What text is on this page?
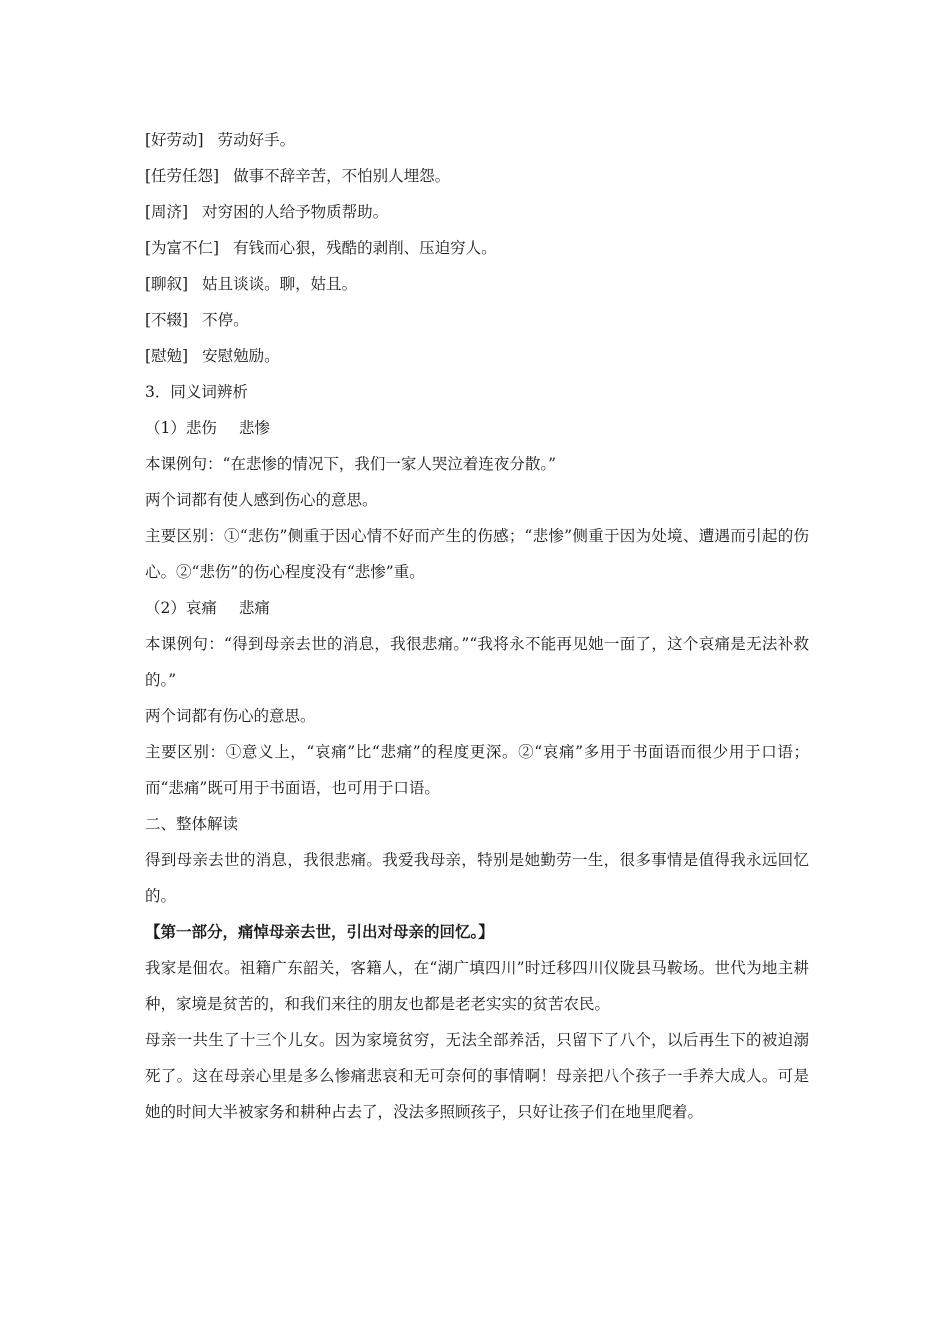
[好劳动] 劳动好手。
[任劳任怨] 做事不辞辛苦，不怕别人埋怨。
[周济] 对穷困的人给予物质帮助。
[为富不仁] 有钱而心狠，残酷的剥削、压迫穷人。
[聊叙] 姑且谈谈。聊，姑且。
[不辍] 不停。
[慰勉] 安慰勉励。
3．同义词辨析
（1）悲伤 悲惨
本课例句：“在悲惨的情况下，我们一家人哭泣着连夜分散。”
两个词都有使人感到伤心的意思。
主要区别：①“悲伤”侧重于因心情不好而产生的伤感；“悲惨”侧重于因为处境、遭遇而引起的伤心。②“悲伤”的伤心程度没有“悲惨”重。
（2）哀痛 悲痛
本课例句：“得到母亲去世的消息，我很悲痛。”“我将永不能再见她一面了，这个哀痛是无法补救的。”
两个词都有伤心的意思。
主要区别：①意义上，“哀痛”比“悲痛”的程度更深。②“哀痛”多用于书面语而很少用于口语；而“悲痛”既可用于书面语，也可用于口语。
二、整体解读
得到母亲去世的消息，我很悲痛。我爱我母亲，特别是她勤劳一生，很多事情是值得我永远回忆的。
【第一部分，痛悼母亲去世，引出对母亲的回忆。】
我家是佃农。祖籍广东韶关，客籍人，在“湖广填四川”时迁移四川仪陇县马鞍场。世代为地主耕种，家境是贫苦的，和我们来往的朋友也都是老老实实的贫苦农民。
母亲一共生了十三个儿女。因为家境贫穷，无法全部养活，只留下了八个，以后再生下的被迫溺死了。这在母亲心里是多么惨痛悲哀和无可奈何的事情啊！母亲把八个孩子一手养大成人。可是她的时间大半被家务和耕种占去了，没法多照顾孩子，只好让孩子们在地里爬着。
